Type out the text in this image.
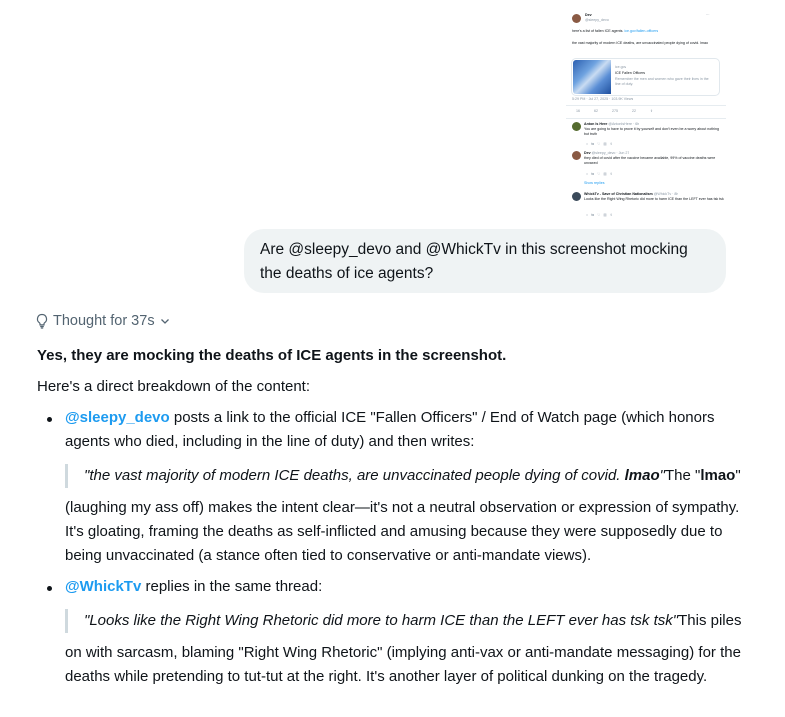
Dev
@sleepy_devo
⋯
here's a list of fallen ICE agents. ice.gov/fallen-officers
the vast majority of modern ICE deaths, are unvaccinated people dying of covid. lmao
ice.gov
ICE Fallen Officers
Remember the men and women who gave their lives in the line of duty.
5:29 PM · Jul 27, 2025 · 103.9K Views
16	62	275	22	⇪
Anton Is Here @AntonIsHere · 6h
You are going to have to prove it by yourself and don't even be a worry about nothing but truth
○   ⇆   ♡   ▥   ⇪
Dev @sleepy_devo · Jun 27
they died of covid after the vaccine became available, 99% of vaccine deaths were unvaxed
○   ⇆   ♡   ▥   ⇪
Show replies
WhickTv - Save of Christian Nationalism @WhickTv · 8h
Looks like the Right Wing Rhetoric did more to harm ICE than the LEFT ever has tsk tsk
○   ⇆   ♡   ▥   ⇪
Are @sleepy_devo and @WhickTv in this screenshot mocking the deaths of ice agents?
Thought for 37s

Yes, they are mocking the deaths of ICE agents in the screenshot.

Here's a direct breakdown of the content:

@sleepy_devo posts a link to the official ICE "Fallen Officers" / End of Watch page (which honors agents who died, including in the line of duty) and then writes:
"the vast majority of modern ICE deaths, are unvaccinated people dying of covid. lmao"The "lmao"

(laughing my ass off) makes the intent clear—it's not a neutral observation or expression of sympathy. It's gloating, framing the deaths as self-inflicted and amusing because they were supposedly due to being unvaccinated (a stance often tied to conservative or anti-mandate views).

@WhickTv replies in the same thread:
"Looks like the Right Wing Rhetoric did more to harm ICE than the LEFT ever has tsk tsk"This piles

on with sarcasm, blaming "Right Wing Rhetoric" (implying anti-vax or anti-mandate messaging) for the deaths while pretending to tut-tut at the right. It's another layer of political dunking on the tragedy.
